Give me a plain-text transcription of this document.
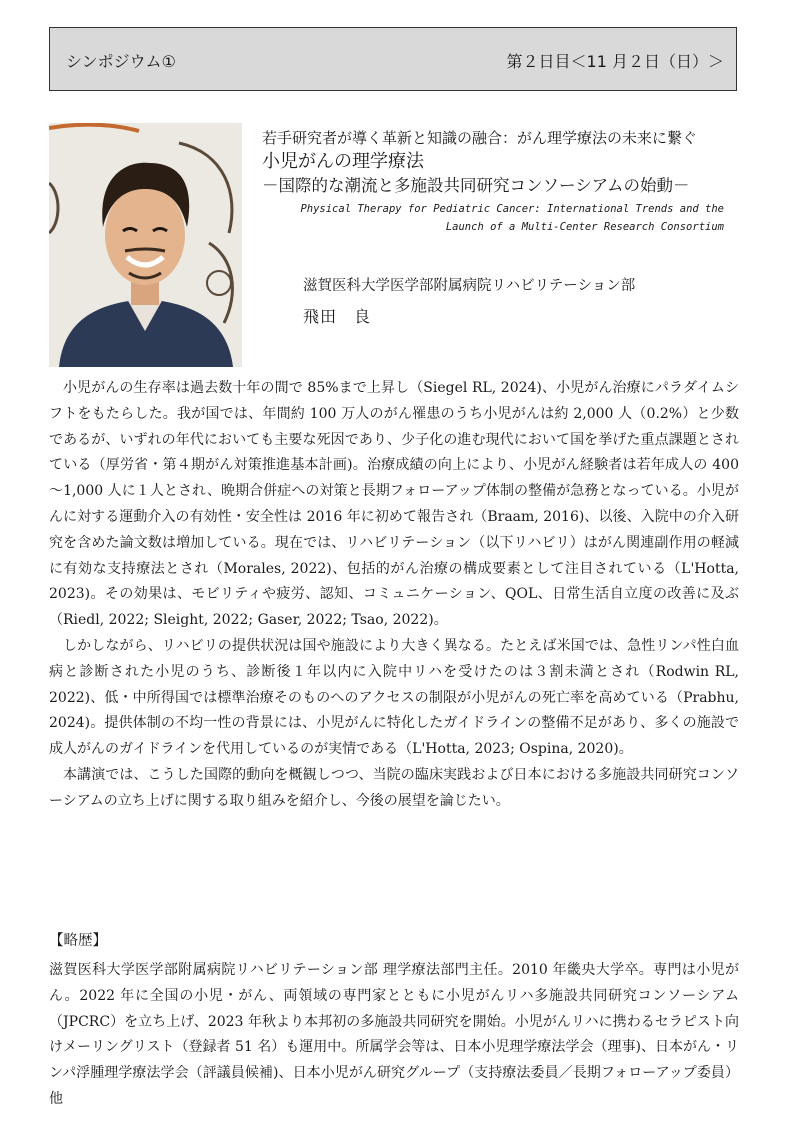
シンポジウム①	第２日目＜11 月２日（日）＞

若手研究者が導く革新と知識の融合：がん理学療法の未来に繋ぐ

小児がんの理学療法

－国際的な潮流と多施設共同研究コンソーシアムの始動－

Physical Therapy for Pediatric Cancer: International Trends and the Launch of a Multi-Center Research Consortium

滋賀医科大学医学部附属病院リハビリテーション部
飛田　良

小児がんの生存率は過去数十年の間で 85%まで上昇し（Siegel RL, 2024)、小児がん治療にパラダイムシフトをもたらした。我が国では、年間約 100 万人のがん罹患のうち小児がんは約 2,000 人（0.2%）と少数であるが、いずれの年代においても主要な死因であり、少子化の進む現代において国を挙げた重点課題とされている（厚労省・第４期がん対策推進基本計画)。治療成績の向上により、小児がん経験者は若年成人の 400～1,000 人に１人とされ、晩期合併症への対策と長期フォローアップ体制の整備が急務となっている。小児がんに対する運動介入の有効性・安全性は 2016 年に初めて報告され（Braam, 2016)、以後、入院中の介入研究を含めた論文数は増加している。現在では、リハビリテーション（以下リハビリ）はがん関連副作用の軽減に有効な支持療法とされ（Morales, 2022)、包括的がん治療の構成要素として注目されている（L'Hotta, 2023)。その効果は、モビリティや疲労、認知、コミュニケーション、QOL、日常生活自立度の改善に及ぶ（Riedl, 2022; Sleight, 2022; Gaser, 2022; Tsao, 2022)。

しかしながら、リハビリの提供状況は国や施設により大きく異なる。たとえば米国では、急性リンパ性白血病と診断された小児のうち、診断後１年以内に入院中リハを受けたのは３割未満とされ（Rodwin RL, 2022)、低・中所得国では標準治療そのものへのアクセスの制限が小児がんの死亡率を高めている（Prabhu, 2024)。提供体制の不均一性の背景には、小児がんに特化したガイドラインの整備不足があり、多くの施設で成人がんのガイドラインを代用しているのが実情である（L'Hotta, 2023; Ospina, 2020)。

本講演では、こうした国際的動向を概観しつつ、当院の臨床実践および日本における多施設共同研究コンソーシアムの立ち上げに関する取り組みを紹介し、今後の展望を論じたい。

【略歴】

滋賀医科大学医学部附属病院リハビリテーション部 理学療法部門主任。2010 年畿央大学卒。専門は小児がん。2022 年に全国の小児・がん、両領域の専門家とともに小児がんリハ多施設共同研究コンソーシアム（JPCRC）を立ち上げ、2023 年秋より本邦初の多施設共同研究を開始。小児がんリハに携わるセラピスト向けメーリングリスト（登録者 51 名）も運用中。所属学会等は、日本小児理学療法学会（理事)、日本がん・リンパ浮腫理学療法学会（評議員候補)、日本小児がん研究グループ（支持療法委員／長期フォローアップ委員）他
